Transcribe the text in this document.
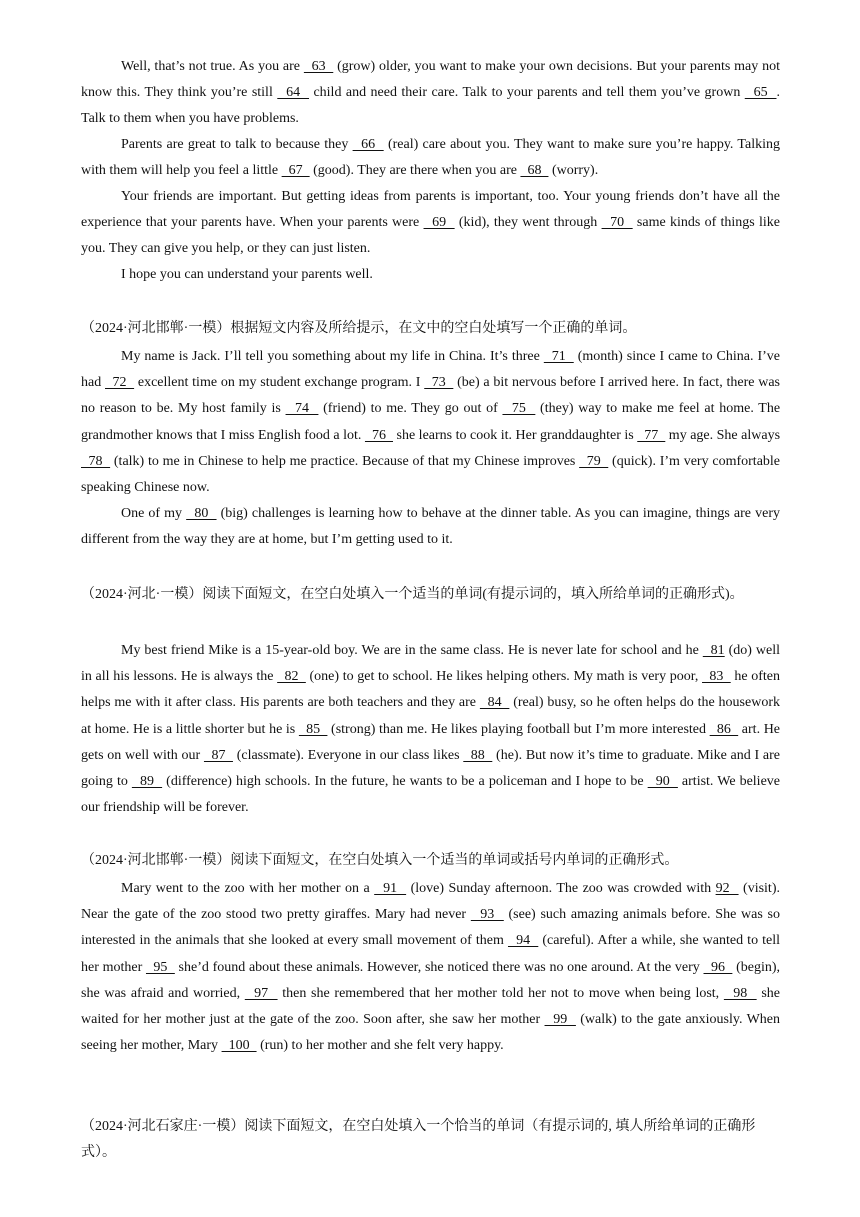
Well, that’s not true. As you are   63   (grow) older, you want to make your own decisions. But your parents may not know this. They think you’re still   64   child and need their care. Talk to your parents and tell them you’ve grown   65  . Talk to them when you have problems.

Parents are great to talk to because they   66   (real) care about you. They want to make sure you’re happy. Talking with them will help you feel a little   67   (good). They are there when you are   68   (worry).

Your friends are important. But getting ideas from parents is important, too. Your young friends don’t have all the experience that your parents have. When your parents were   69   (kid), they went through   70   same kinds of things like you. They can give you help, or they can just listen.

I hope you can understand your parents well.

（2024·河北邯郸·一模）根据短文内容及所给提示，在文中的空白处填写一个正确的单词。

My name is Jack. I’ll tell you something about my life in China. It’s three   71   (month) since I came to China. I’ve had   72   excellent time on my student exchange program. I   73   (be) a bit nervous before I arrived here. In fact, there was no reason to be. My host family is   74   (friend) to me. They go out of   75   (they) way to make me feel at home. The grandmother knows that I miss English food a lot.   76   she learns to cook it. Her granddaughter is   77   my age. She always   78   (talk) to me in Chinese to help me practice. Because of that my Chinese improves   79   (quick). I’m very comfortable speaking Chinese now.

One of my   80   (big) challenges is learning how to behave at the dinner table. As you can imagine, things are very different from the way they are at home, but I’m getting used to it.

（2024·河北·一模）阅读下面短文，在空白处填入一个适当的单词(有提示词的，填入所给单词的正确形式)。

My best friend Mike is a 15-year-old boy. We are in the same class. He is never late for school and he   81 (do) well in all his lessons. He is always the   82   (one) to get to school. He likes helping others. My math is very poor,   83   he often helps me with it after class. His parents are both teachers and they are   84   (real) busy, so he often helps do the housework at home. He is a little shorter but he is   85   (strong) than me. He likes playing football but I’m more interested   86   art. He gets on well with our   87   (classmate). Everyone in our class likes   88   (he). But now it’s time to graduate. Mike and I are going to   89   (difference) high schools. In the future, he wants to be a policeman and I hope to be   90   artist. We believe our friendship will be forever.

（2024·河北邯郸·一模）阅读下面短文，在空白处填入一个适当的单词或括号内单词的正确形式。

Mary went to the zoo with her mother on a   91   (love) Sunday afternoon. The zoo was crowded with 92   (visit). Near the gate of the zoo stood two pretty giraffes. Mary had never   93   (see) such amazing animals before. She was so interested in the animals that she looked at every small movement of them   94   (careful). After a while, she wanted to tell her mother   95   she’d found about these animals. However, she noticed there was no one around. At the very   96   (begin), she was afraid and worried,   97   then she remembered that her mother told her not to move when being lost,   98   she waited for her mother just at the gate of the zoo. Soon after, she saw her mother   99   (walk) to the gate anxiously. When seeing her mother, Mary   100   (run) to her mother and she felt very happy.

（2024·河北石家庄·一模）阅读下面短文，在空白处填入一个恰当的单词（有提示词的, 填人所给单词的正确形式）。
